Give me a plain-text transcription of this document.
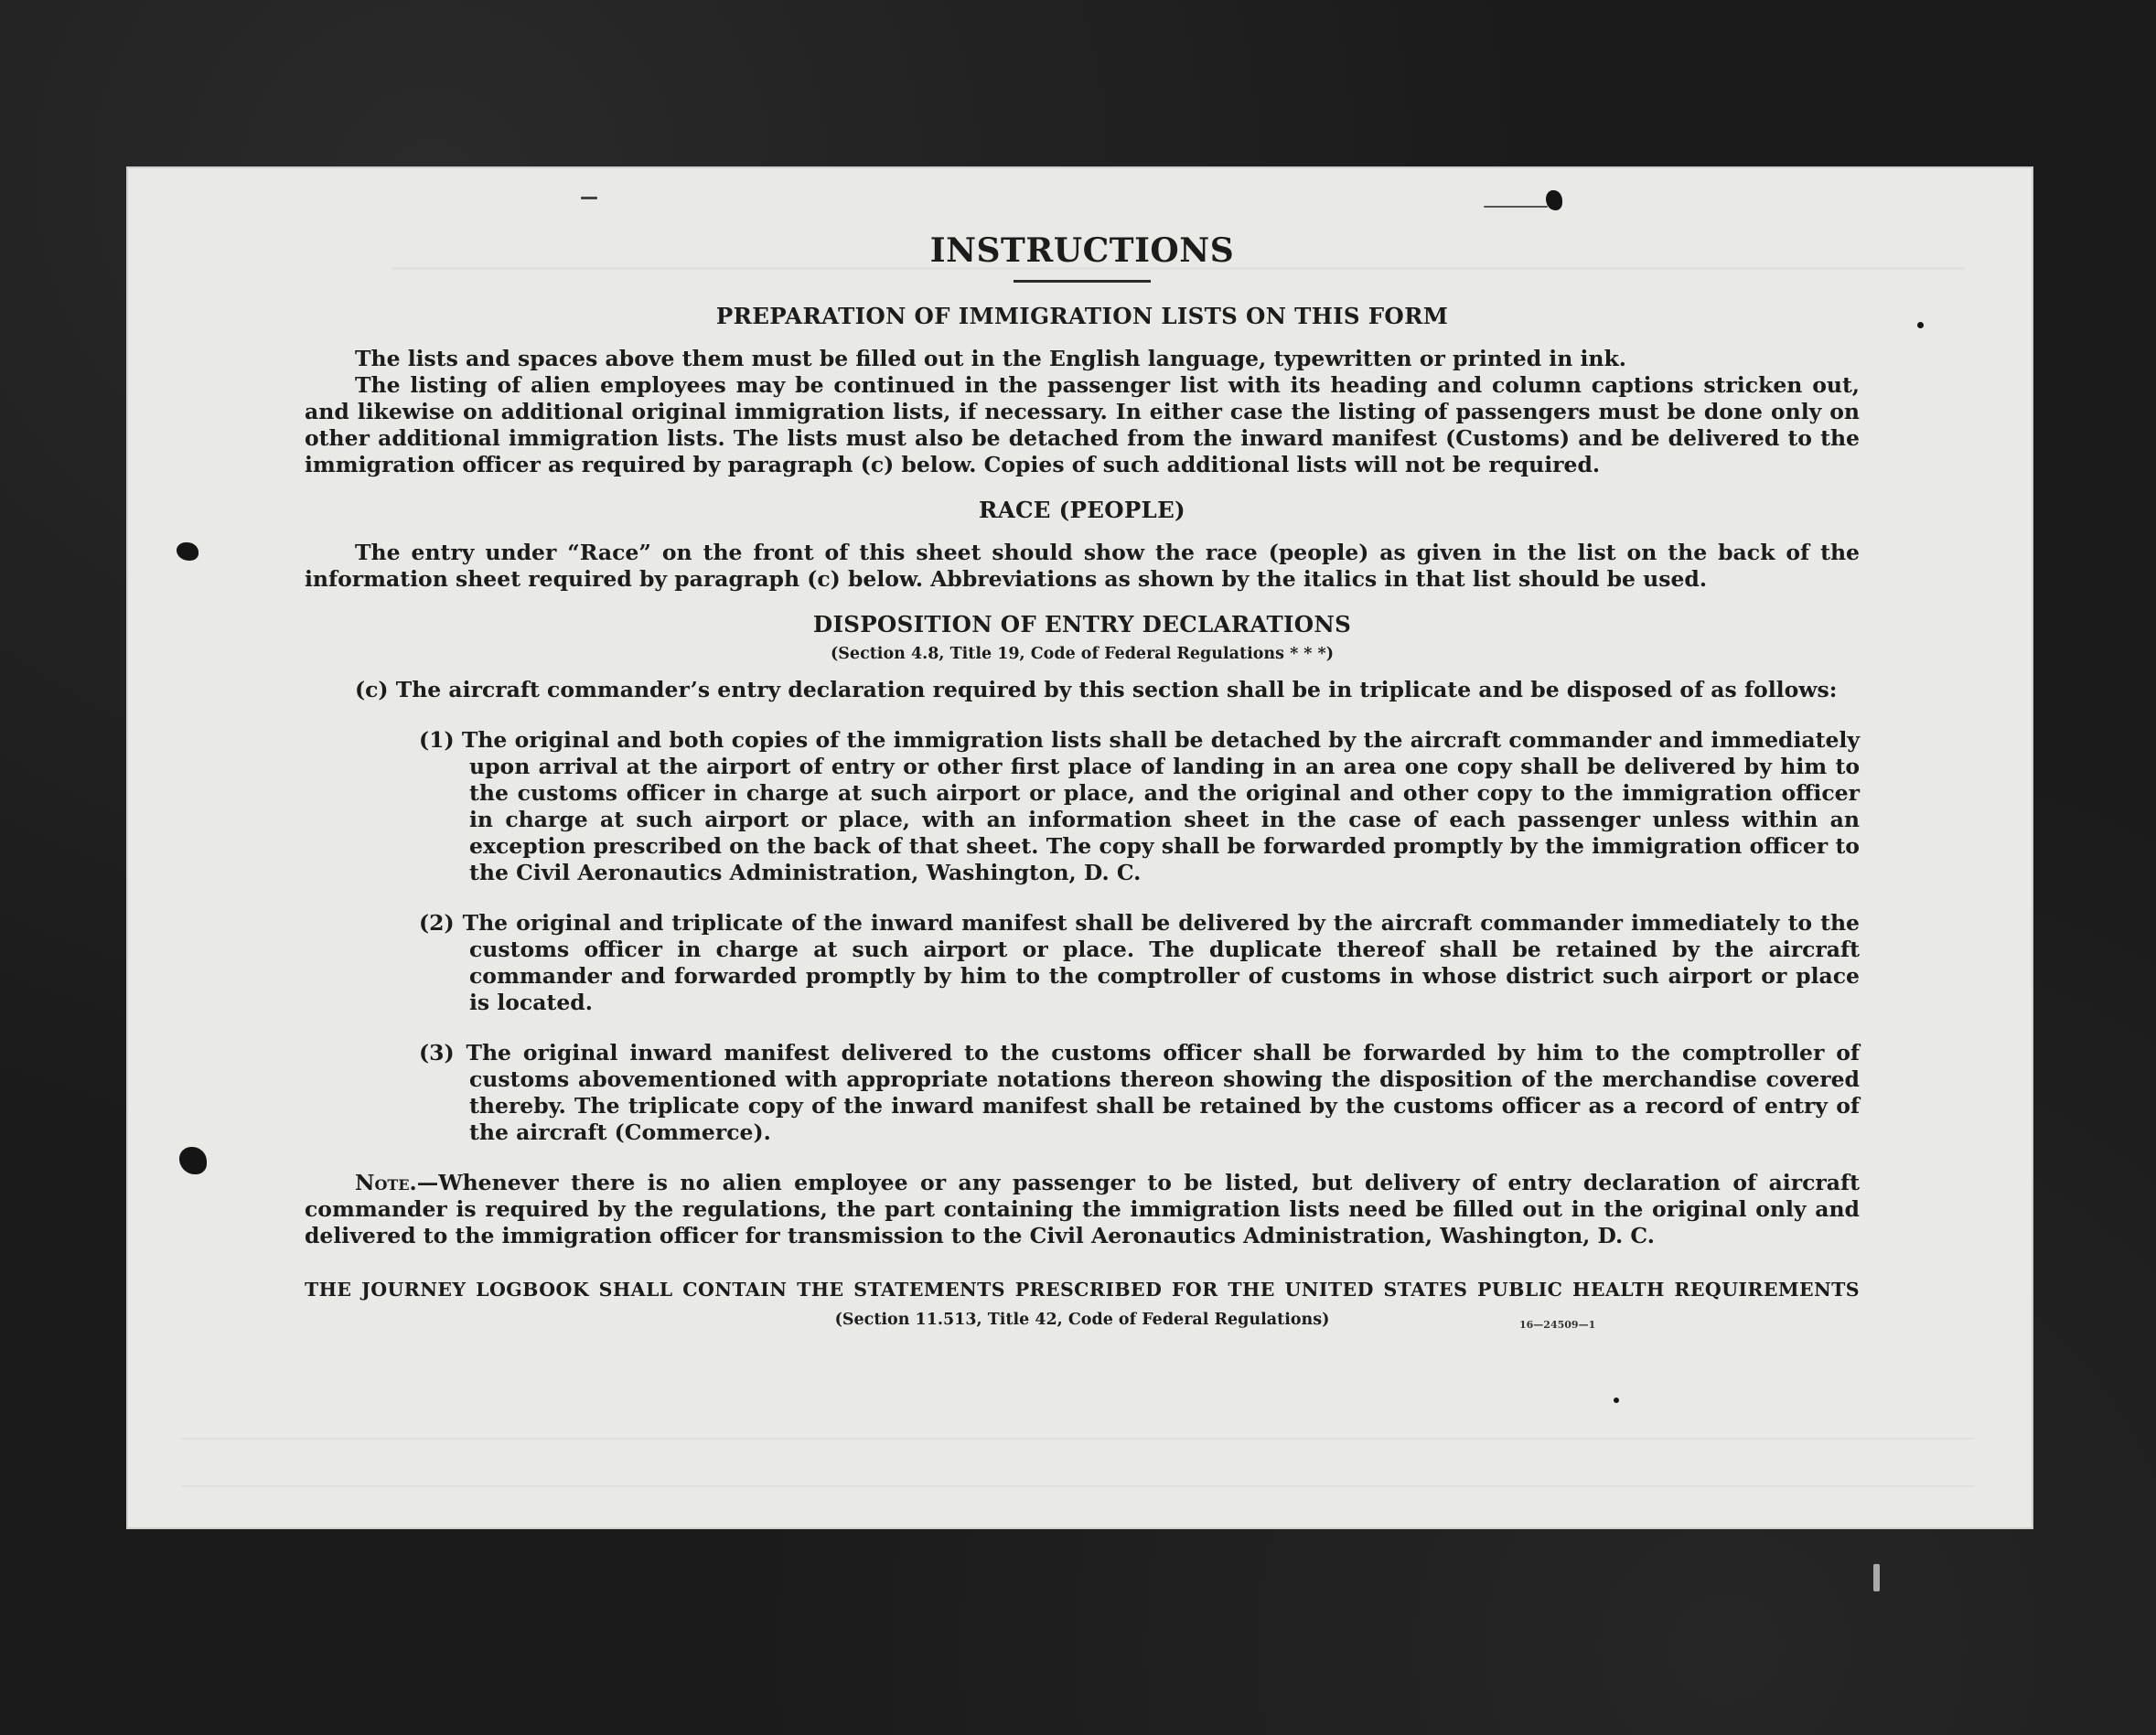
INSTRUCTIONS
PREPARATION OF IMMIGRATION LISTS ON THIS FORM

The lists and spaces above them must be filled out in the English language, typewritten or printed in ink.

The listing of alien employees may be continued in the passenger list with its heading and column captions stricken out, and likewise on additional original immigration lists, if necessary. In either case the listing of passengers must be done only on other additional immigration lists. The lists must also be detached from the inward manifest (Customs) and be delivered to the immigration officer as required by paragraph (c) below. Copies of such additional lists will not be required.

RACE (PEOPLE)

The entry under “Race” on the front of this sheet should show the race (people) as given in the list on the back of the information sheet required by paragraph (c) below. Abbreviations as shown by the italics in that list should be used.

DISPOSITION OF ENTRY DECLARATIONS
(Section 4.8, Title 19, Code of Federal Regulations * * *)

(c) The aircraft commander’s entry declaration required by this section shall be in triplicate and be disposed of as follows:

(1) The original and both copies of the immigration lists shall be detached by the aircraft commander and immediately upon arrival at the airport of entry or other first place of landing in an area one copy shall be delivered by him to the customs officer in charge at such airport or place, and the original and other copy to the immigration officer in charge at such airport or place, with an information sheet in the case of each passenger unless within an exception prescribed on the back of that sheet. The copy shall be forwarded promptly by the immigration officer to the Civil Aeronautics Administration, Washington, D. C.
(2) The original and triplicate of the inward manifest shall be delivered by the aircraft commander immediately to the customs officer in charge at such airport or place. The duplicate thereof shall be retained by the aircraft commander and forwarded promptly by him to the comptroller of customs in whose district such airport or place is located.
(3) The original inward manifest delivered to the customs officer shall be forwarded by him to the comptroller of customs abovementioned with appropriate notations thereon showing the disposition of the merchandise covered thereby. The triplicate copy of the inward manifest shall be retained by the customs officer as a record of entry of the aircraft (Commerce).

Note.—Whenever there is no alien employee or any passenger to be listed, but delivery of entry declaration of aircraft commander is required by the regulations, the part containing the immigration lists need be filled out in the original only and delivered to the immigration officer for transmission to the Civil Aeronautics Administration, Washington, D. C.

THE JOURNEY LOGBOOK SHALL CONTAIN THE STATEMENTS PRESCRIBED FOR THE UNITED STATES PUBLIC HEALTH REQUIREMENTS
(Section 11.513, Title 42, Code of Federal Regulations)	16—24509—1
